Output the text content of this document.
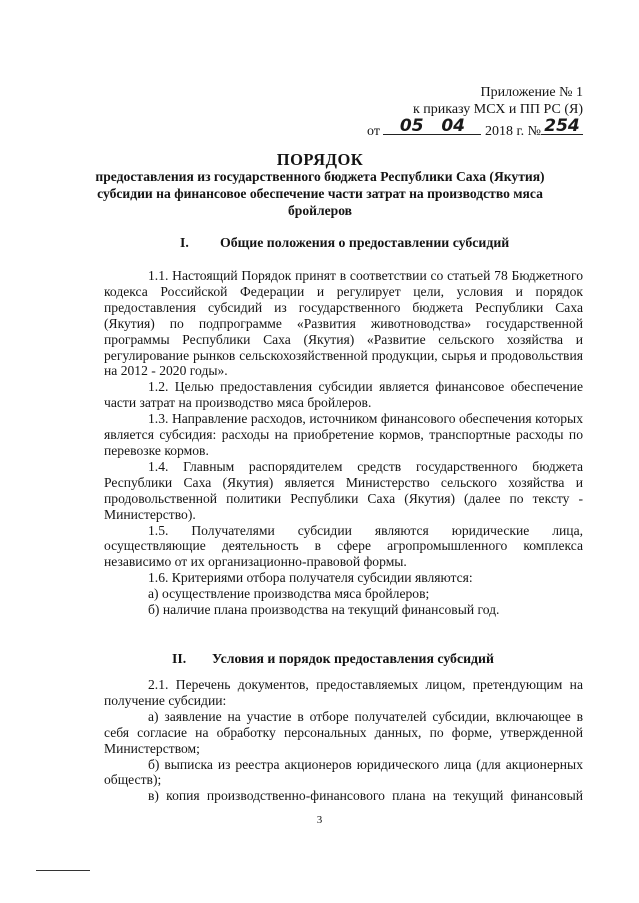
Приложение № 1
к приказу МСХ и ПП РС (Я)
от	05 04	2018 г. № 254
ПОРЯДОК
предоставления из государственного бюджета Республики Саха (Якутия) субсидии на финансовое обеспечение части затрат на производство мяса бройлеров
I. Общие положения о предоставлении субсидий

1.1. Настоящий Порядок принят в соответствии со статьей 78 Бюджетного кодекса Российской Федерации и регулирует цели, условия и порядок предоставления субсидий из государственного бюджета Республики Саха (Якутия) по подпрограмме «Развития животноводства» государственной программы Республики Саха (Якутия) «Развитие сельского хозяйства и регулирование рынков сельскохозяйственной продукции, сырья и продовольствия на 2012 - 2020 годы».

1.2. Целью предоставления субсидии является финансовое обеспечение части затрат на производство мяса бройлеров.

1.3. Направление расходов, источником финансового обеспечения которых является субсидия: расходы на приобретение кормов, транспортные расходы по перевозке кормов.

1.4. Главным распорядителем средств государственного бюджета Республики Саха (Якутия) является Министерство сельского хозяйства и продовольственной политики Республики Саха (Якутия) (далее по тексту - Министерство).

1.5. Получателями субсидии являются юридические лица, осуществляющие деятельность в сфере агропромышленного комплекса независимо от их организационно-правовой формы.

1.6. Критериями отбора получателя субсидии являются:

а) осуществление производства мяса бройлеров;

б) наличие плана производства на текущий финансовый год.

II. Условия и порядок предоставления субсидий

2.1. Перечень документов, предоставляемых лицом, претендующим на получение субсидии:

а) заявление на участие в отборе получателей субсидии, включающее в себя согласие на обработку персональных данных, по форме, утвержденной Министерством;

б) выписка из реестра акционеров юридического лица (для акционерных обществ);

в) копия производственно-финансового плана на текущий финансовый

3
